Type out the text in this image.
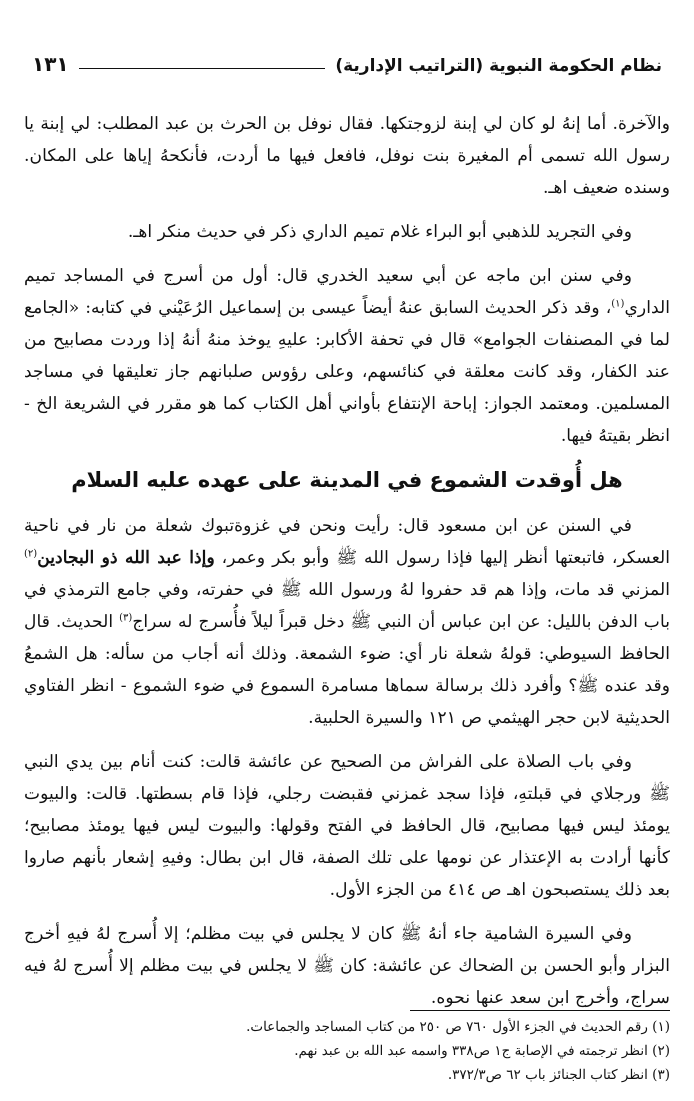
نظام الحكومة النبوية (التراتيب الإدارية)
١٣١

والآخرة. أما إنهُ لو كان لي إبنة لزوجتكها. فقال نوفل بن الحرث بن عبد المطلب: لي إبنة يا رسول الله تسمى أم المغيرة بنت نوفل، فافعل فيها ما أردت، فأنكحهُ إياها على المكان. وسنده ضعيف اهـ.

وفي التجريد للذهبي أبو البراء غلام تميم الداري ذكر في حديث منكر اهـ.

وفي سنن ابن ماجه عن أبي سعيد الخدري قال: أول من أسرج في المساجد تميم الداري$^{(١)}$، وقد ذكر الحديث السابق عنهُ أيضاً عيسى بن إسماعيل الرُعَيْني في كتابه: «الجامع لما في المصنفات الجوامع» قال في تحفة الأكابر: عليهِ يوخذ منهُ أنهُ إذا وردت مصابيح من عند الكفار، وقد كانت معلقة في كنائسهم، وعلى رؤوس صلبانهم جاز تعليقها في مساجد المسلمين. ومعتمد الجواز: إباحة الإنتفاع بأواني أهل الكتاب كما هو مقرر في الشريعة الخ - انظر بقيتهُ فيها.

هل أُوقدت الشموع في المدينة على عهده عليه السلام

في السنن عن ابن مسعود قال: رأيت ونحن في غزوةتبوك شعلة من نار في ناحية العسكر، فاتبعتها أنظر إليها فإذا رسول الله ﷺ وأبو بكر وعمر، وإذا عبد الله ذو البجادين$^{(٢)}$ المزني قد مات، وإذا هم قد حفروا لهُ ورسول الله ﷺ في حفرته، وفي جامع الترمذي في باب الدفن بالليل: عن ابن عباس أن النبي ﷺ دخل قبراً ليلاً فأُسرج له سراج$^{(٣)}$ الحديث. قال الحافظ السيوطي: قولهُ شعلة نار أي: ضوء الشمعة. وذلك أنه أجاب من سأله: هل الشمعُ وقد عنده ﷺ؟ وأفرد ذلك برسالة سماها مسامرة السموع في ضوء الشموع - انظر الفتاوي الحديثية لابن حجر الهيثمي ص ١٢١ والسيرة الحلبية.

وفي باب الصلاة على الفراش من الصحيح عن عائشة قالت: كنت أنام بين يدي النبي ﷺ ورجلاي في قبلتهِ، فإذا سجد غمزني فقبضت رجلي، فإذا قام بسطتها. قالت: والبيوت يومئذ ليس فيها مصابيح، قال الحافظ في الفتح وقولها: والبيوت ليس فيها يومئذ مصابيح؛ كأنها أرادت به الإعتذار عن نومها على تلك الصفة، قال ابن بطال: وفيهِ إشعار بأنهم صاروا بعد ذلك يستصبحون اهـ ص ٤١٤ من الجزء الأول.

وفي السيرة الشامية جاء أنهُ ﷺ كان لا يجلس في بيت مظلم؛ إلا أُسرج لهُ فيهِ أخرج البزار وأبو الحسن بن الضحاك عن عائشة: كان ﷺ لا يجلس في بيت مظلم إلا أُسرج لهُ فيه سراج، وأخرج ابن سعد عنها نحوه.

(١) رقم الحديث في الجزء الأول ٧٦٠ ص ٢٥٠ من كتاب المساجد والجماعات.
(٢) انظر ترجمته في الإصابة ج١ ص٣٣٨ واسمه عبد الله بن عبد نهم.
(٣) انظر كتاب الجنائز باب ٦٢ ص٣٧٢/٣.
